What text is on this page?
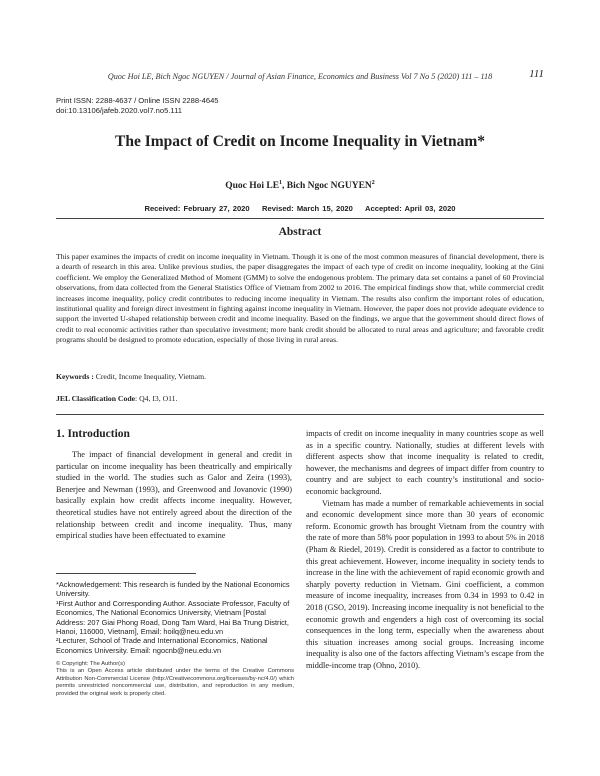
Quoc Hoi LE, Bich Ngoc NGUYEN / Journal of Asian Finance, Economics and Business Vol 7 No 5 (2020) 111 – 118	111
Print ISSN: 2288-4637 / Online ISSN 2288-4645
doi:10.13106/jafeb.2020.vol7.no5.111
The Impact of Credit on Income Inequality in Vietnam*
Quoc Hoi $LE^1$, Bich Ngoc NGUYEN$^2$
Received: February 27, 2020    Revised: March 15, 2020    Accepted: April 03, 2020
Abstract
This paper examines the impacts of credit on income inequality in Vietnam. Though it is one of the most common measures of financial development, there is a dearth of research in this area. Unlike previous studies, the paper disaggregates the impact of each type of credit on income inequality, looking at the Gini coefficient. We employ the Generalized Method of Moment (GMM) to solve the endogenous problem. The primary data set contains a panel of 60 Provincial observations, from data collected from the General Statistics Office of Vietnam from 2002 to 2016. The empirical findings show that, while commercial credit increases income inequality, policy credit contributes to reducing income inequality in Vietnam. The results also confirm the important roles of education, institutional quality and foreign direct investment in fighting against income inequality in Vietnam. However, the paper does not provide adequate evidence to support the inverted U-shaped relationship between credit and income inequality. Based on the findings, we argue that the government should direct flows of credit to real economic activities rather than speculative investment; more bank credit should be allocated to rural areas and agriculture; and favorable credit programs should be designed to promote education, especially of those living in rural areas.
Keywords : Credit, Income Inequality, Vietnam.
JEL Classification Code: Q4, I3, O11.
1. Introduction
The impact of financial development in general and credit in particular on income inequality has been theatrically and empirically studied in the world. The studies such as Galor and Zeira (1993), Benerjee and Newman (1993), and Greenwood and Jovanovic (1990) basically explain how credit affects income inequality. However, theoretical studies have not entirely agreed about the direction of the relationship between credit and income inequality. Thus, many empirical studies have been effectuated to examine

impacts of credit on income inequality in many countries scope as well as in a specific country. Nationally, studies at different levels with different aspects show that income inequality is related to credit, however, the mechanisms and degrees of impact differ from country to country and are subject to each country’s institutional and socio-economic background.

Vietnam has made a number of remarkable achievements in social and economic development since more than 30 years of economic reform. Economic growth has brought Vietnam from the country with the rate of more than 58% poor population in 1993 to about 5% in 2018 (Pham & Riedel, 2019). Credit is considered as a factor to contribute to this great achievement. However, income inequality in society tends to increase in the line with the achievement of rapid economic growth and sharply poverty reduction in Vietnam. Gini coefficient, a common measure of income inequality, increases from 0.34 in 1993 to 0.42 in 2018 (GSO, 2019). Increasing income inequality is not beneficial to the economic growth and engenders a high cost of overcoming its social consequences in the long term, especially when the awareness about this situation increases among social groups. Increasing income inequality is also one of the factors affecting Vietnam’s escape from the middle-income trap (Ohno, 2010).

*Acknowledgement: This research is funded by the National Economics University.
¹First Author and Corresponding Author. Associate Professor, Faculty of Economics, The National Economics University, Vietnam [Postal Address: 207 Giai Phong Road, Dong Tam Ward, Hai Ba Trung District, Hanoi, 116000, Vietnam], Email: hoilq@neu.edu.vn
²Lecturer, School of Trade and International Economics, National Economics University. Email: ngocnb@neu.edu.vn
© Copyright: The Author(s)
This is an Open Access article distributed under the terms of the Creative Commons Attribution Non-Commercial License (http://Creativecommons.org/licenses/by-nc/4.0/) which permits unrestricted noncommercial use, distribution, and reproduction in any medium, provided the original work is properly cited.
